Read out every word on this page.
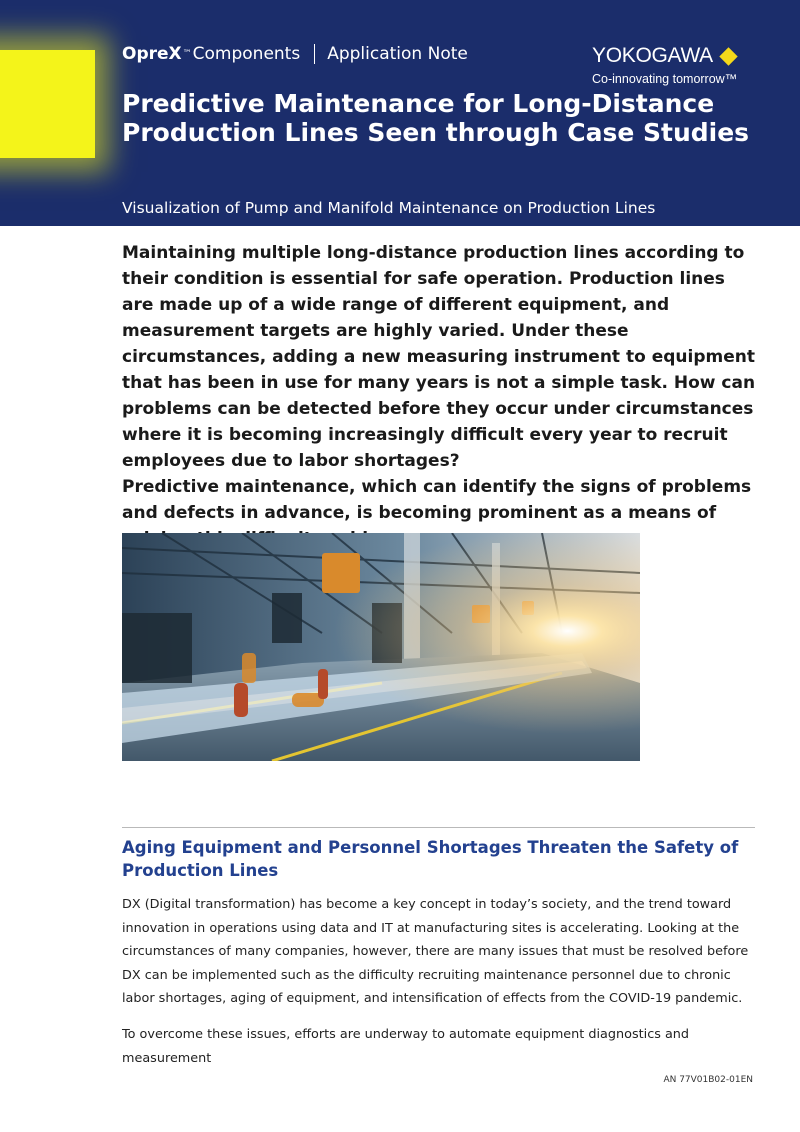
OpreX ™ Components Application Note	YOKOGAWA
Co-innovating tomorrow™
Predictive Maintenance for Long-Distance Production Lines Seen through Case Studies
Visualization of Pump and Manifold Maintenance on Production Lines
Maintaining multiple long-distance production lines according to their condition is essential for safe operation. Production lines are made up of a wide range of different equipment, and measurement targets are highly varied. Under these circumstances, adding a new measuring instrument to equipment that has been in use for many years is not a simple task. How can problems can be detected before they occur under circumstances where it is becoming increasingly difficult every year to recruit employees due to labor shortages?
Predictive maintenance, which can identify the signs of problems and defects in advance, is becoming prominent as a means of
Aging Equipment and Personnel Shortages Threaten the Safety of Production Lines

DX (Digital transformation) has become a key concept in today’s society, and the trend toward innovation in operations using data and IT at manufacturing sites is accelerating. Looking at the circumstances of many companies, however, there are many issues that must be resolved before DX can be implemented such as the difficulty recruiting maintenance personnel due to chronic labor shortages, aging of equipment, and intensification of effects from the COVID-19 pandemic.

To overcome these issues, efforts are underway to automate equipment diagnostics and measurement

AN 77V01B02-01EN
